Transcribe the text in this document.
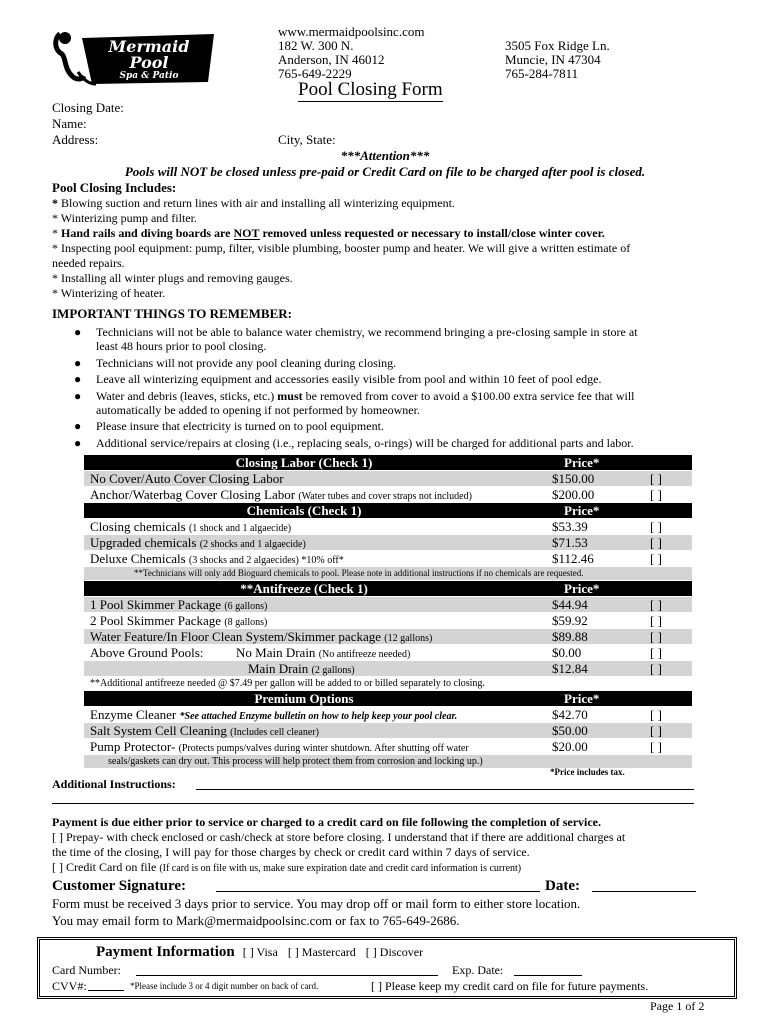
Mermaid
Pool
Spa & Patio
www.mermaidpoolsinc.com
182 W. 300 N.
Anderson, IN 46012
765-649-2229
3505 Fox Ridge Ln.
Muncie, IN 47304
765-284-7811
Pool Closing Form
Closing Date:
Name:
Address:	City, State:
***Attention***
Pools will NOT be closed unless pre-paid or Credit Card on file to be charged after pool is closed.
Pool Closing Includes:
* Blowing suction and return lines with air and installing all winterizing equipment.
* Winterizing pump and filter.
* Hand rails and diving boards are NOT removed unless requested or necessary to install/close winter cover.
* Inspecting pool equipment: pump, filter, visible plumbing, booster pump and heater. We will give a written estimate of
needed repairs.
* Installing all winter plugs and removing gauges.
* Winterizing of heater.
IMPORTANT THINGS TO REMEMBER:
● Technicians will not be able to balance water chemistry, we recommend bringing a pre-closing sample in store at
least 48 hours prior to pool closing.
● Technicians will not provide any pool cleaning during closing.
● Leave all winterizing equipment and accessories easily visible from pool and within 10 feet of pool edge.
● Water and debris (leaves, sticks, etc.) must be removed from cover to avoid a $100.00 extra service fee that will
automatically be added to opening if not performed by homeowner.
● Please insure that electricity is turned on to pool equipment.
● Additional service/repairs at closing (i.e., replacing seals, o-rings) will be charged for additional parts and labor.
Closing Labor (Check 1)	Price*
No Cover/Auto Cover Closing Labor	$150.00	[ ]
Anchor/Waterbag Cover Closing Labor (Water tubes and cover straps not included)	$200.00	[ ]
Chemicals (Check 1)	Price*
Closing chemicals (1 shock and 1 algaecide)	$53.39	[ ]
Upgraded chemicals (2 shocks and 1 algaecide)	$71.53	[ ]
Deluxe Chemicals (3 shocks and 2 algaecides) *10% off*	$112.46	[ ]
**Technicians will only add Bioguard chemicals to pool. Please note in additional instructions if no chemicals are requested.
**Antifreeze (Check 1)	Price*
1 Pool Skimmer Package (6 gallons)	$44.94	[ ]
2 Pool Skimmer Package (8 gallons)	$59.92	[ ]
Water Feature/In Floor Clean System/Skimmer package (12 gallons)	$89.88	[ ]
Above Ground Pools:	No Main Drain (No antifreeze needed)	$0.00	[ ]
Main Drain (2 gallons)	$12.84	[ ]
**Additional antifreeze needed @ $7.49 per gallon will be added to or billed separately to closing.
Premium Options	Price*
Enzyme Cleaner *See attached Enzyme bulletin on how to help keep your pool clear.	$42.70	[ ]
Salt System Cell Cleaning (Includes cell cleaner)	$50.00	[ ]
Pump Protector- (Protects pumps/valves during winter shutdown. After shutting off water	$20.00	[ ]
seals/gaskets can dry out. This process will help protect them from corrosion and locking up.)
*Price includes tax.
Additional Instructions:
Payment is due either prior to service or charged to a credit card on file following the completion of service.
[ ] Prepay- with check enclosed or cash/check at store before closing. I understand that if there are additional charges at
the time of the closing, I will pay for those charges by check or credit card within 7 days of service.
[ ] Credit Card on file (If card is on file with us, make sure expiration date and credit card information is current)
Customer Signature:	Date:
Form must be received 3 days prior to service. You may drop off or mail form to either store location.
You may email form to Mark@mermaidpoolsinc.com or fax to 765-649-2686.
Payment Information [ ] Visa [ ] Mastercard [ ] Discover
Card Number:	Exp. Date:
CVV#:	*Please include 3 or 4 digit number on back of card.	[ ] Please keep my credit card on file for future payments.
Page 1 of 2
